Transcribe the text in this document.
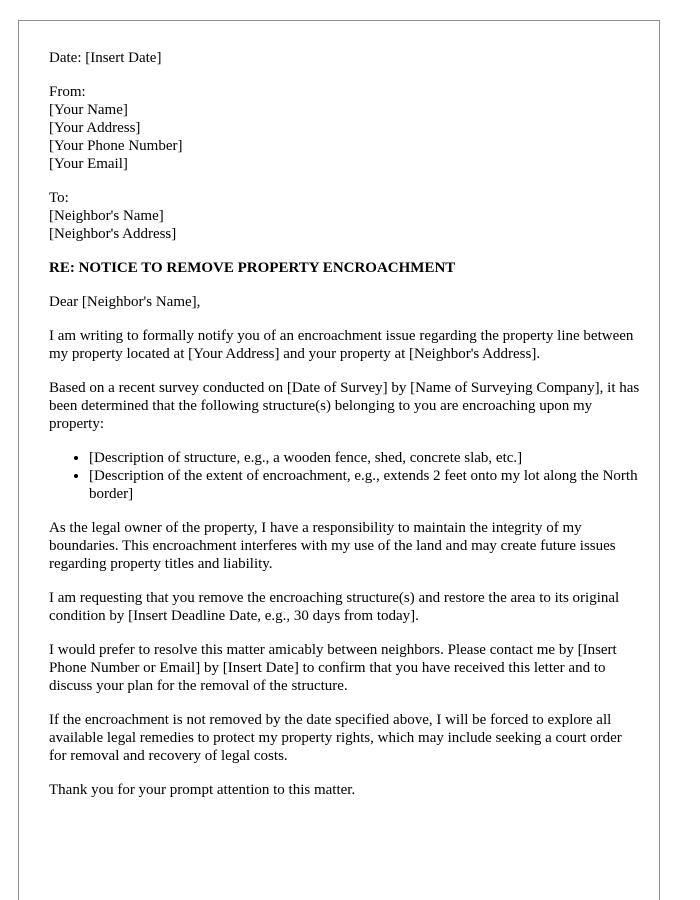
Date: [Insert Date]
From:
[Your Name]
[Your Address]
[Your Phone Number]
[Your Email]
To:
[Neighbor's Name]
[Neighbor's Address]
RE: NOTICE TO REMOVE PROPERTY ENCROACHMENT

Dear [Neighbor's Name],

I am writing to formally notify you of an encroachment issue regarding the property line between my property located at [Your Address] and your property at [Neighbor's Address].

Based on a recent survey conducted on [Date of Survey] by [Name of Surveying Company], it has been determined that the following structure(s) belonging to you are encroaching upon my property:

• [Description of structure, e.g., a wooden fence, shed, concrete slab, etc.]
• [Description of the extent of encroachment, e.g., extends 2 feet onto my lot along the North border]

As the legal owner of the property, I have a responsibility to maintain the integrity of my boundaries. This encroachment interferes with my use of the land and may create future issues regarding property titles and liability.

I am requesting that you remove the encroaching structure(s) and restore the area to its original condition by [Insert Deadline Date, e.g., 30 days from today].

I would prefer to resolve this matter amicably between neighbors. Please contact me by [Insert Phone Number or Email] by [Insert Date] to confirm that you have received this letter and to discuss your plan for the removal of the structure.

If the encroachment is not removed by the date specified above, I will be forced to explore all available legal remedies to protect my property rights, which may include seeking a court order for removal and recovery of legal costs.

Thank you for your prompt attention to this matter.
